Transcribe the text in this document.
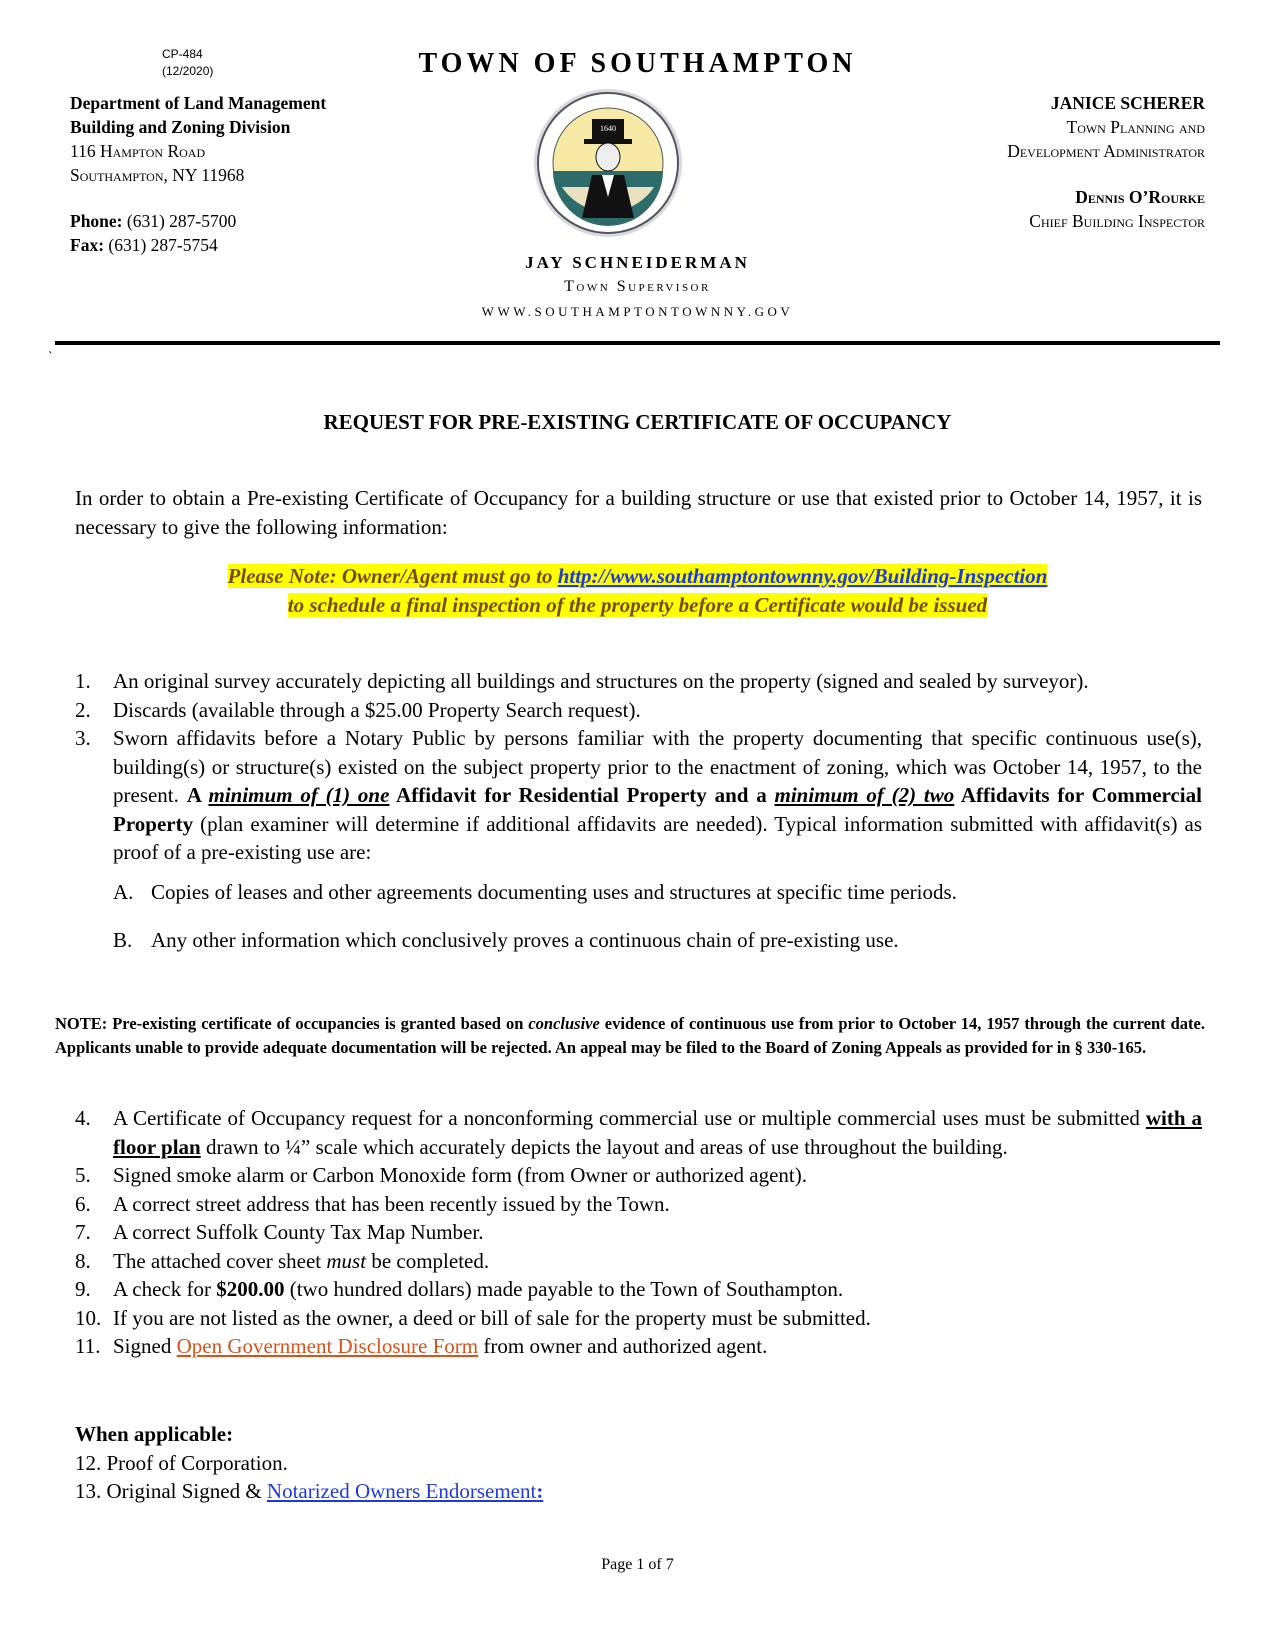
CP-484
(12/2020)	TOWN OF SOUTHAMPTON
Department of Land Management
Building and Zoning Division
116 Hampton Road
Southampton, NY 11968
Phone: (631) 287-5700
Fax: (631) 287-5754
JANICE SCHERER
Town Planning and
Development Administrator
Dennis O’Rourke
Chief Building Inspector
1640
JAY SCHNEIDERMAN
Town Supervisor
WWW.SOUTHAMPTONTOWNNY.GOV
`
REQUEST FOR PRE-EXISTING CERTIFICATE OF OCCUPANCY
In order to obtain a Pre-existing Certificate of Occupancy for a building structure or use that existed prior to October 14, 1957, it is necessary to give the following information:
Please Note: Owner/Agent must go to http://www.southamptontownny.gov/Building-Inspection
to schedule a final inspection of the property before a Certificate would be issued
1. An original survey accurately depicting all buildings and structures on the property (signed and sealed by surveyor).
2. Discards (available through a $25.00 Property Search request).
3. Sworn affidavits before a Notary Public by persons familiar with the property documenting that specific continuous use(s), building(s) or structure(s) existed on the subject property prior to the enactment of zoning, which was October 14, 1957, to the present. A minimum of (1) one Affidavit for Residential Property and a minimum of (2) two Affidavits for Commercial Property (plan examiner will determine if additional affidavits are needed). Typical information submitted with affidavit(s) as proof of a pre-existing use are:
A. Copies of leases and other agreements documenting uses and structures at specific time periods.
B. Any other information which conclusively proves a continuous chain of pre-existing use.
NOTE: Pre-existing certificate of occupancies is granted based on conclusive evidence of continuous use from prior to October 14, 1957 through the current date. Applicants unable to provide adequate documentation will be rejected. An appeal may be filed to the Board of Zoning Appeals as provided for in § 330-165.
4. A Certificate of Occupancy request for a nonconforming commercial use or multiple commercial uses must be submitted with a floor plan drawn to ¼” scale which accurately depicts the layout and areas of use throughout the building.
5. Signed smoke alarm or Carbon Monoxide form (from Owner or authorized agent).
6. A correct street address that has been recently issued by the Town.
7. A correct Suffolk County Tax Map Number.
8. The attached cover sheet must be completed.
9. A check for $200.00 (two hundred dollars) made payable to the Town of Southampton.
10. If you are not listed as the owner, a deed or bill of sale for the property must be submitted.
11. Signed Open Government Disclosure Form from owner and authorized agent.
When applicable:
12. Proof of Corporation.
13. Original Signed & Notarized Owners Endorsement:
Page 1 of 7
